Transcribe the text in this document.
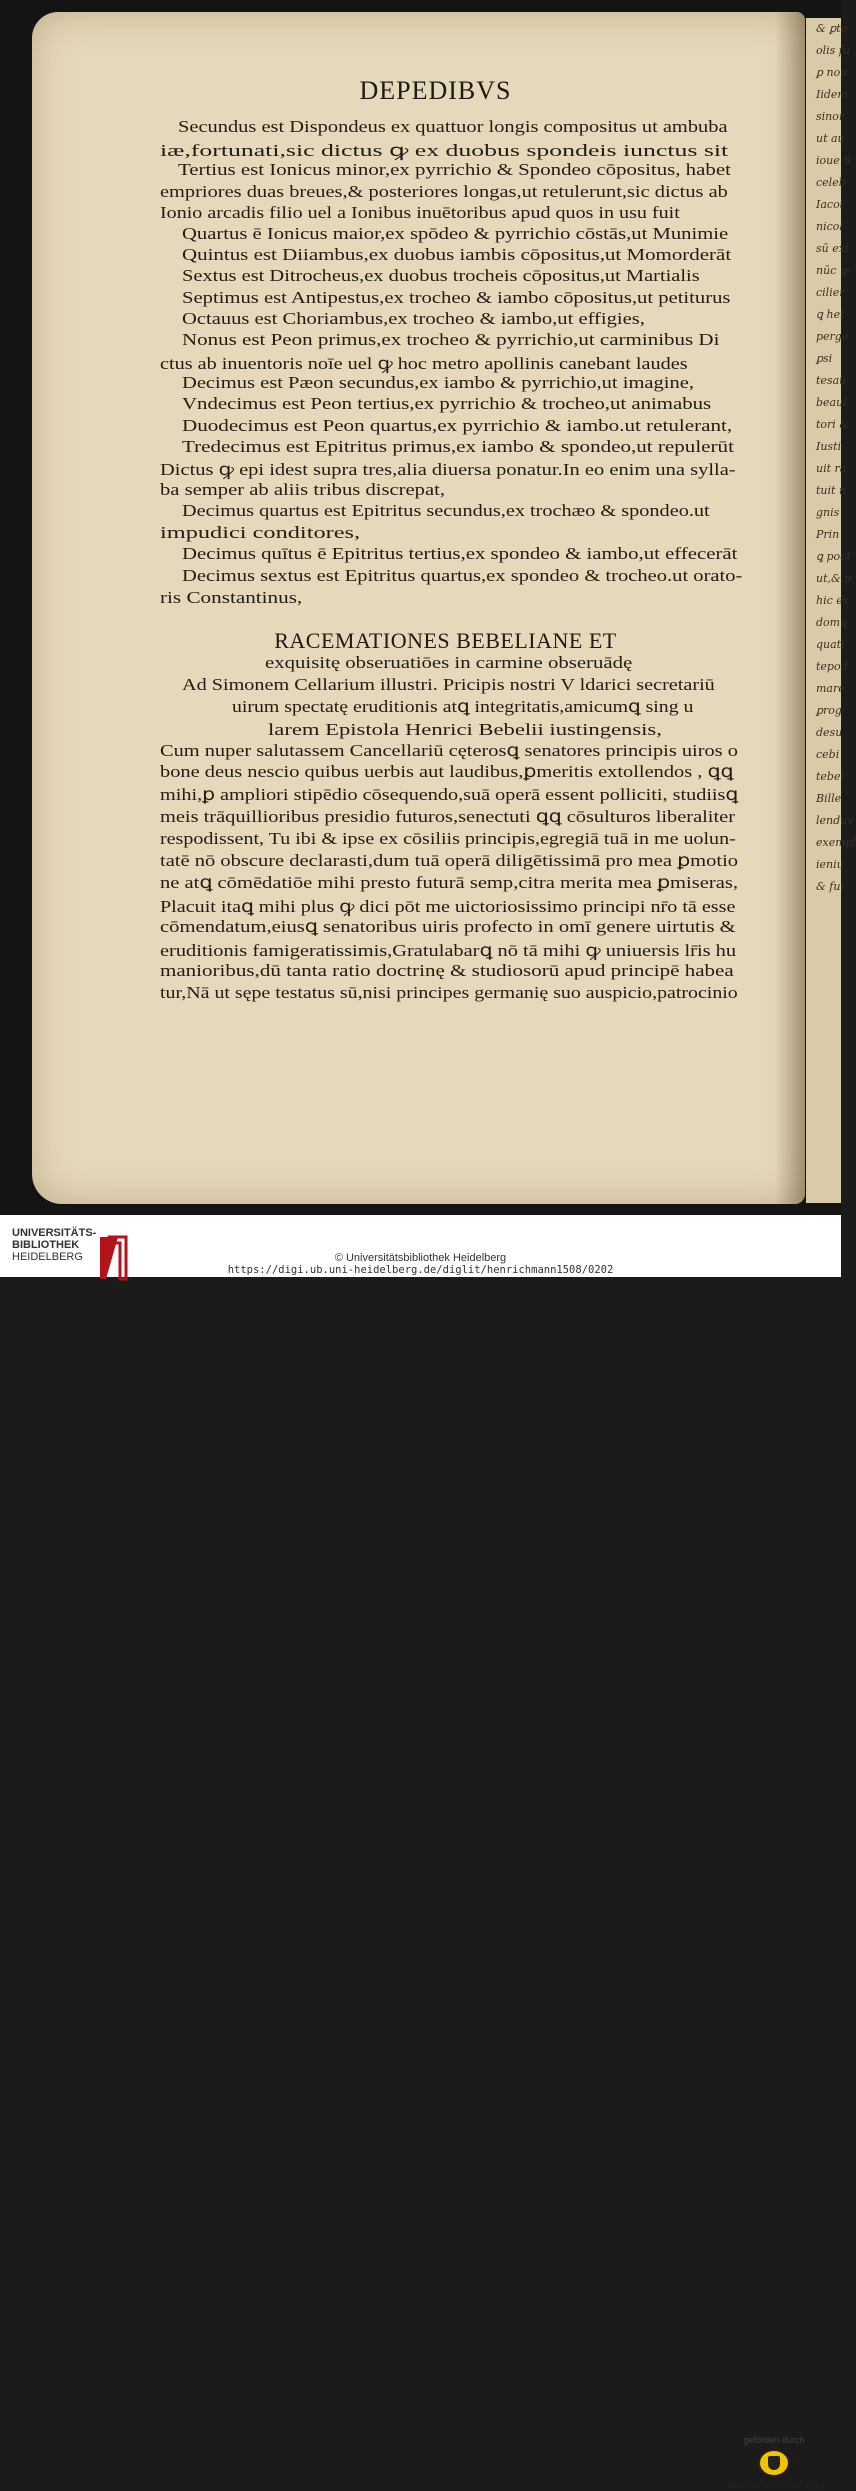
& ꝑte
olis fu
ꝑ nou
Iidem
sinor
ut au
ioue S
celeb
Iacot
nicol
sū exi
nūc ꝙ
cilier
ꝗ het
perge
ꝑsi
tesau
beaul
tori &
Iusti
uit ra
tuit n
gnis
Prin
ꝗ poet
ut,&,p
hic ex
domq
quati
tepod
mare
ꝑrog
desu
cebi
tebel
Bille
lenduv
exempl
ieniu
& fui
DEPEDIBVS
Secundus est Dispondeus ex quattuor longis compositus ut ambuba
iæ,fortunati,sic dictus ꝙ ex duobus spondeis iunctus sit
Tertius est Ionicus minor,ex pyrrichio & Spondeo cōpositus, habet
empriores duas breues,& posteriores longas,ut retulerunt,sic dictus ab
Ionio arcadis filio uel a Ionibus inuētoribus apud quos in usu fuit
Quartus ē Ionicus maior,ex spōdeo & pyrrichio cōstās,ut Munimie
Quintus est Diiambus,ex duobus iambis cōpositus,ut Momorderāt
Sextus est Ditrocheus,ex duobus trocheis cōpositus,ut Martialis
Septimus est Antipestus,ex trocheo & iambo cōpositus,ut petiturus
Octauus est Choriambus,ex trocheo & iambo,ut effigies,
Nonus est Peon primus,ex trocheo & pyrrichio,ut carminibus Di
ctus ab inuentoris noīe uel ꝙ hoc metro apollinis canebant laudes
Decimus est Pæon secundus,ex iambo & pyrrichio,ut imagine,
Vndecimus est Peon tertius,ex pyrrichio & trocheo,ut animabus
Duodecimus est Peon quartus,ex pyrrichio & iambo.ut retulerant,
Tredecimus est Epitritus primus,ex iambo & spondeo,ut repulerūt
Dictus ꝙ epi idest supra tres,alia diuersa ponatur.In eo enim una sylla-
ba semper ab aliis tribus discrepat,
Decimus quartus est Epitritus secundus,ex trochæo & spondeo.ut
impudici conditores,
Decimus quītus ē Epitritus tertius,ex spondeo & iambo,ut effecerāt
Decimus sextus est Epitritus quartus,ex spondeo & trocheo.ut orato-
ris Constantinus,
RACEMATIONES BEBELIANE ET
exquisitę obseruatiōes in carmine obseruādę
Ad Simonem Cellarium illustri. Pricipis nostri V ldarici secretariū
uirum spectatę eruditionis atꝗ integritatis,amicumꝗ sing u
larem Epistola Henrici Bebelii iustingensis,
Cum nuper salutassem Cancellariū cęterosꝗ senatores principis uiros o
bone deus nescio quibus uerbis aut laudibus,ꝑmeritis extollendos , ꝗꝗ
mihi,ꝑ ampliori stipēdio cōsequendo,suā operā essent polliciti, studiisꝗ
meis trāquillioribus presidio futuros,senectuti ꝗꝗ cōsulturos liberaliter
respodissent, Tu ibi & ipse ex cōsiliis principis,egregiā tuā in me uolun-
tatē nō obscure declarasti,dum tuā operā diligētissimā pro mea ꝑmotio
ne atꝗ cōmēdatiōe mihi presto futurā semp,citra merita mea ꝑmiseras,
Placuit itaꝗ mihi plus ꝙ dici pōt me uictoriosissimo principi nr̄o tā esse
cōmendatum,eiusꝗ senatoribus uiris profecto in omī genere uirtutis &
eruditionis famigeratissimis,Gratulabarꝗ nō tā mihi ꝙ uniuersis lr̄is hu
manioribus,dū tanta ratio doctrinę & studiosorū apud principē habea
tur,Nā ut sępe testatus sū,nisi principes germanię suo auspicio,patrocinio
UNIVERSITÄTS-
BIBLIOTHEK
HEIDELBERG
gefördert durch
Baden-Württemberg
© Universitätsbibliothek Heidelberg
https://digi.ub.uni-heidelberg.de/diglit/henrichmann1508/0202
